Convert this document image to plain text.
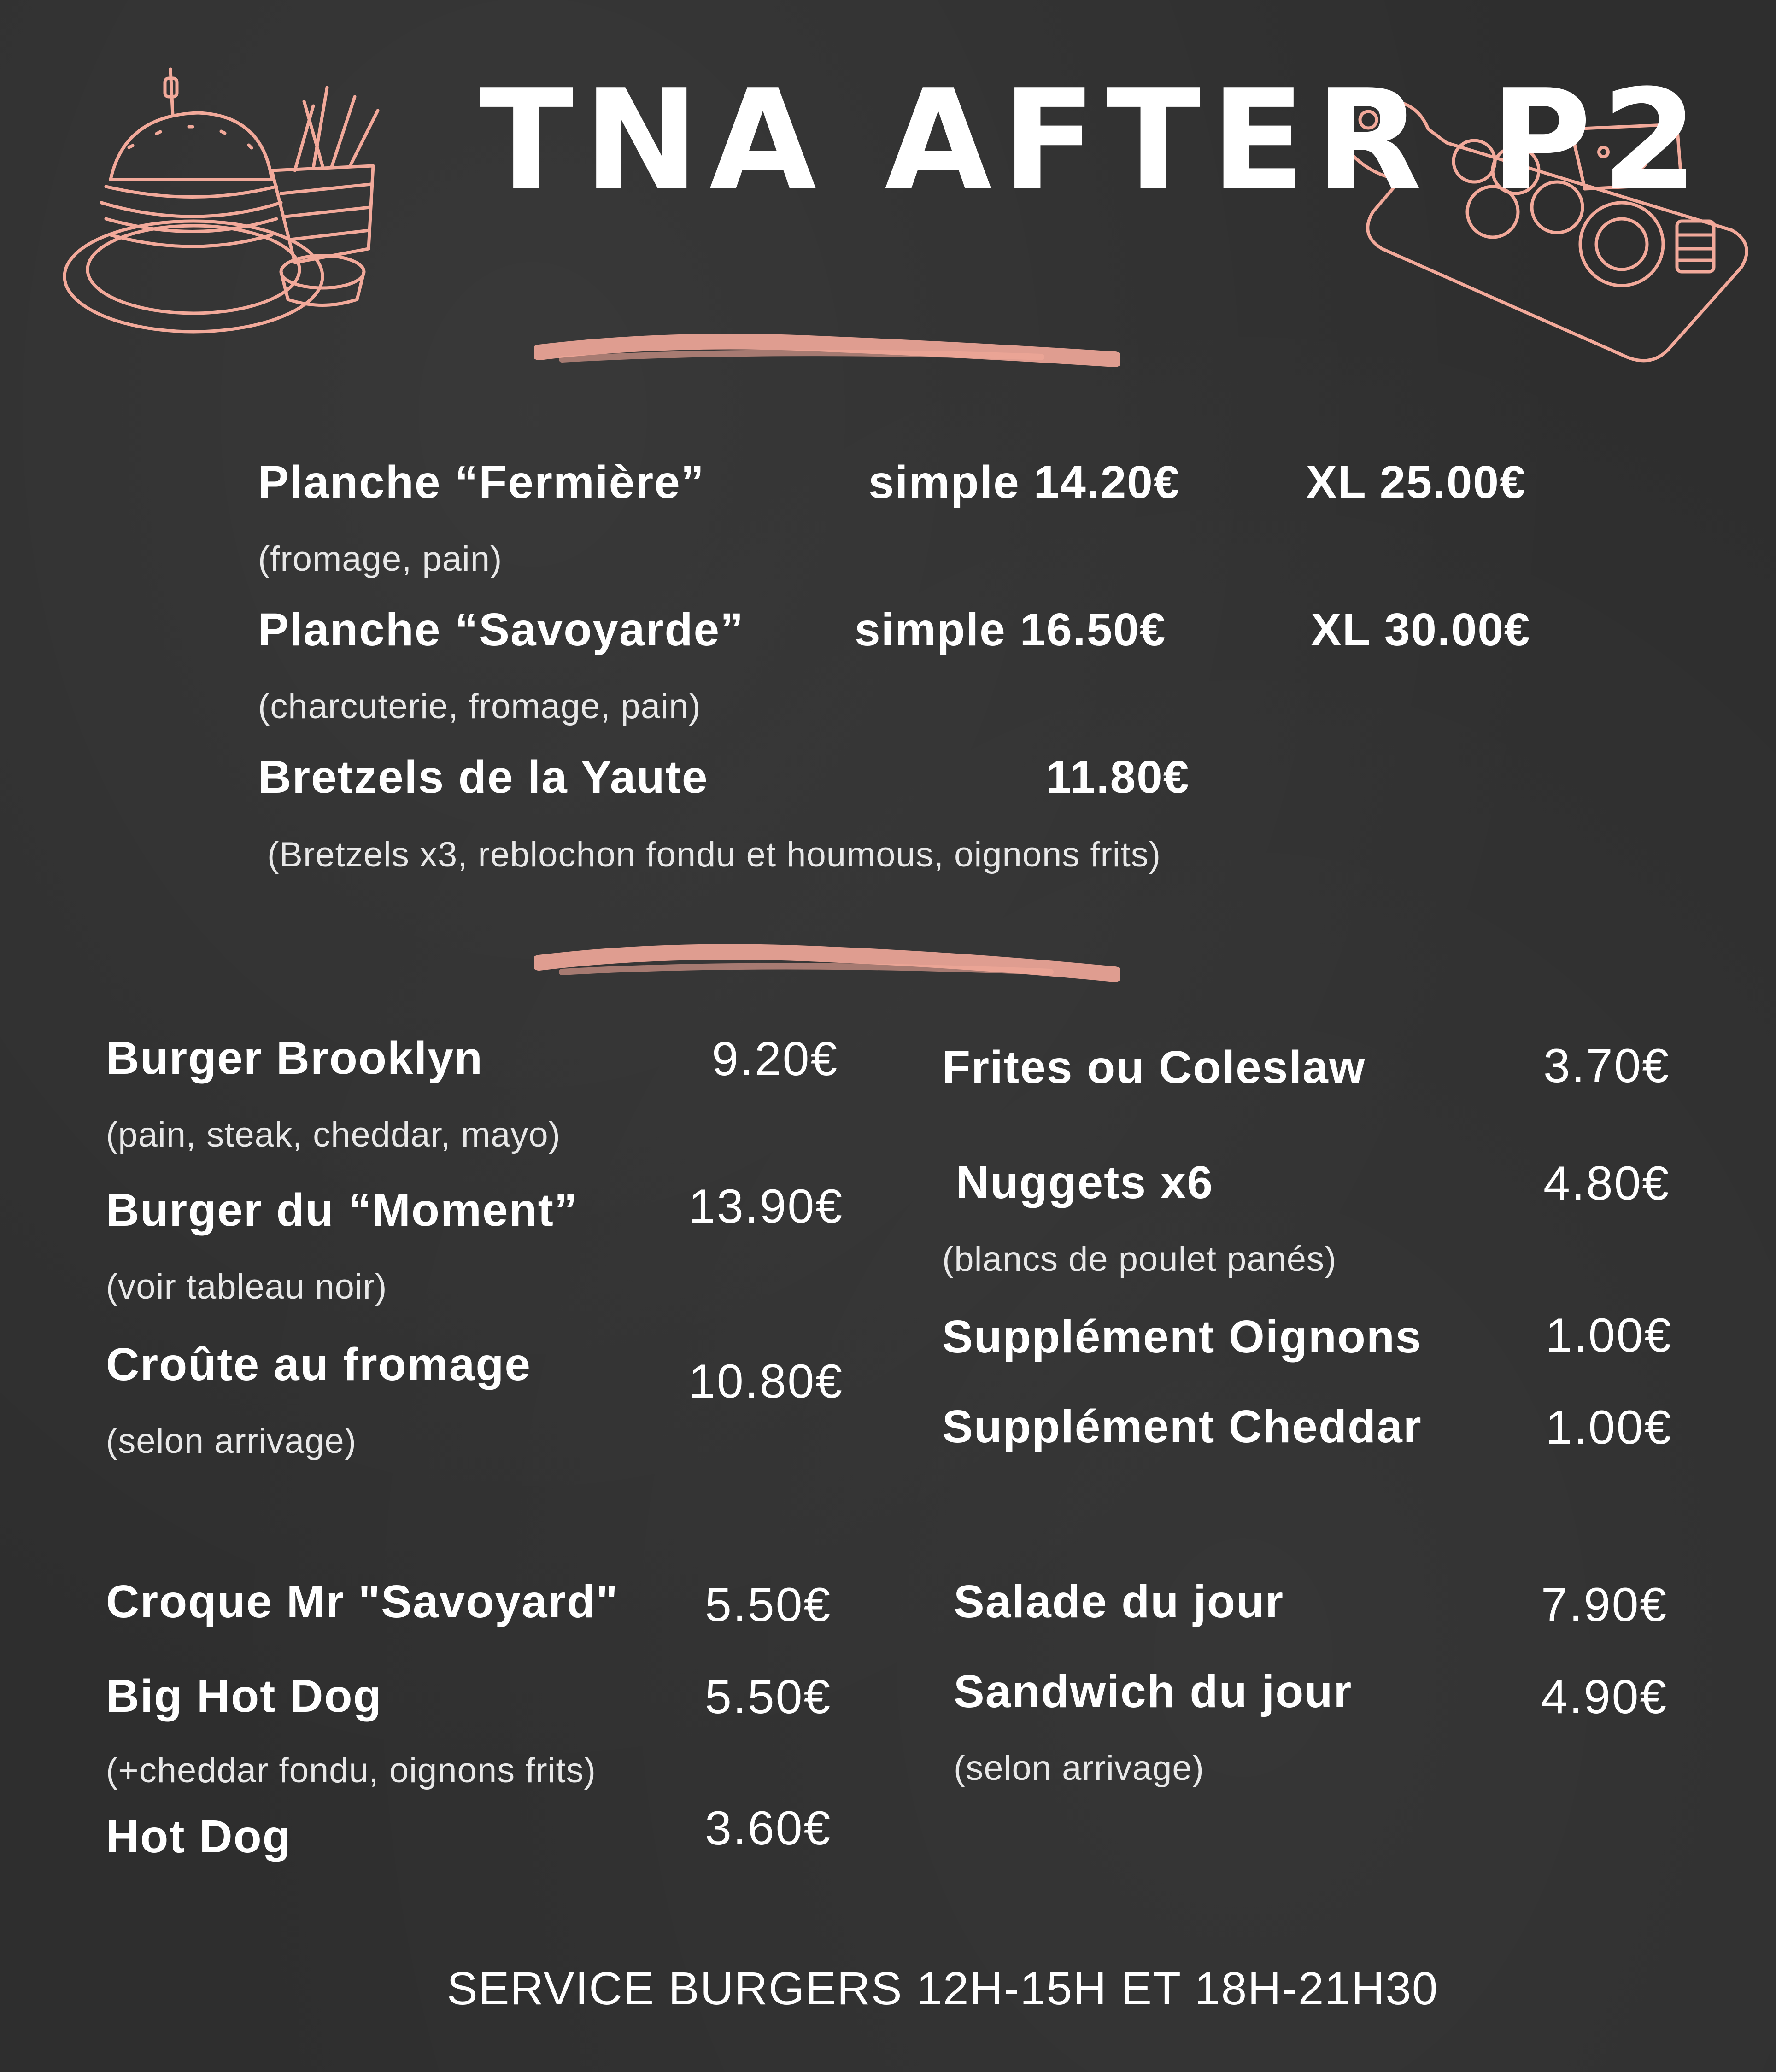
TNA AFTER P2
Planche “Fermière”	simple 14.20€	XL 25.00€
(fromage, pain)
Planche “Savoyarde” simple 16.50€	XL 30.00€
(charcuterie, fromage, pain)
Bretzels de la Yaute	11.80€
(Bretzels x3, reblochon fondu et houmous, oignons frits)
Burger Brooklyn	9.20€
(pain, steak, cheddar, mayo)
Burger du “Moment” 13.90€
(voir tableau noir)
Croûte au fromage	10.80€
(selon arrivage)
Croque Mr "Savoyard" 5.50€
Big Hot Dog	5.50€
(+cheddar fondu, oignons frits)
Hot Dog	3.60€
Frites ou Coleslaw	3.70€
Nuggets x6	4.80€
(blancs de poulet panés)
Supplément Oignons	1.00€
Supplément Cheddar	1.00€
Salade du jour	7.90€
Sandwich du jour	4.90€
(selon arrivage)
SERVICE BURGERS 12H-15H ET 18H-21H30
